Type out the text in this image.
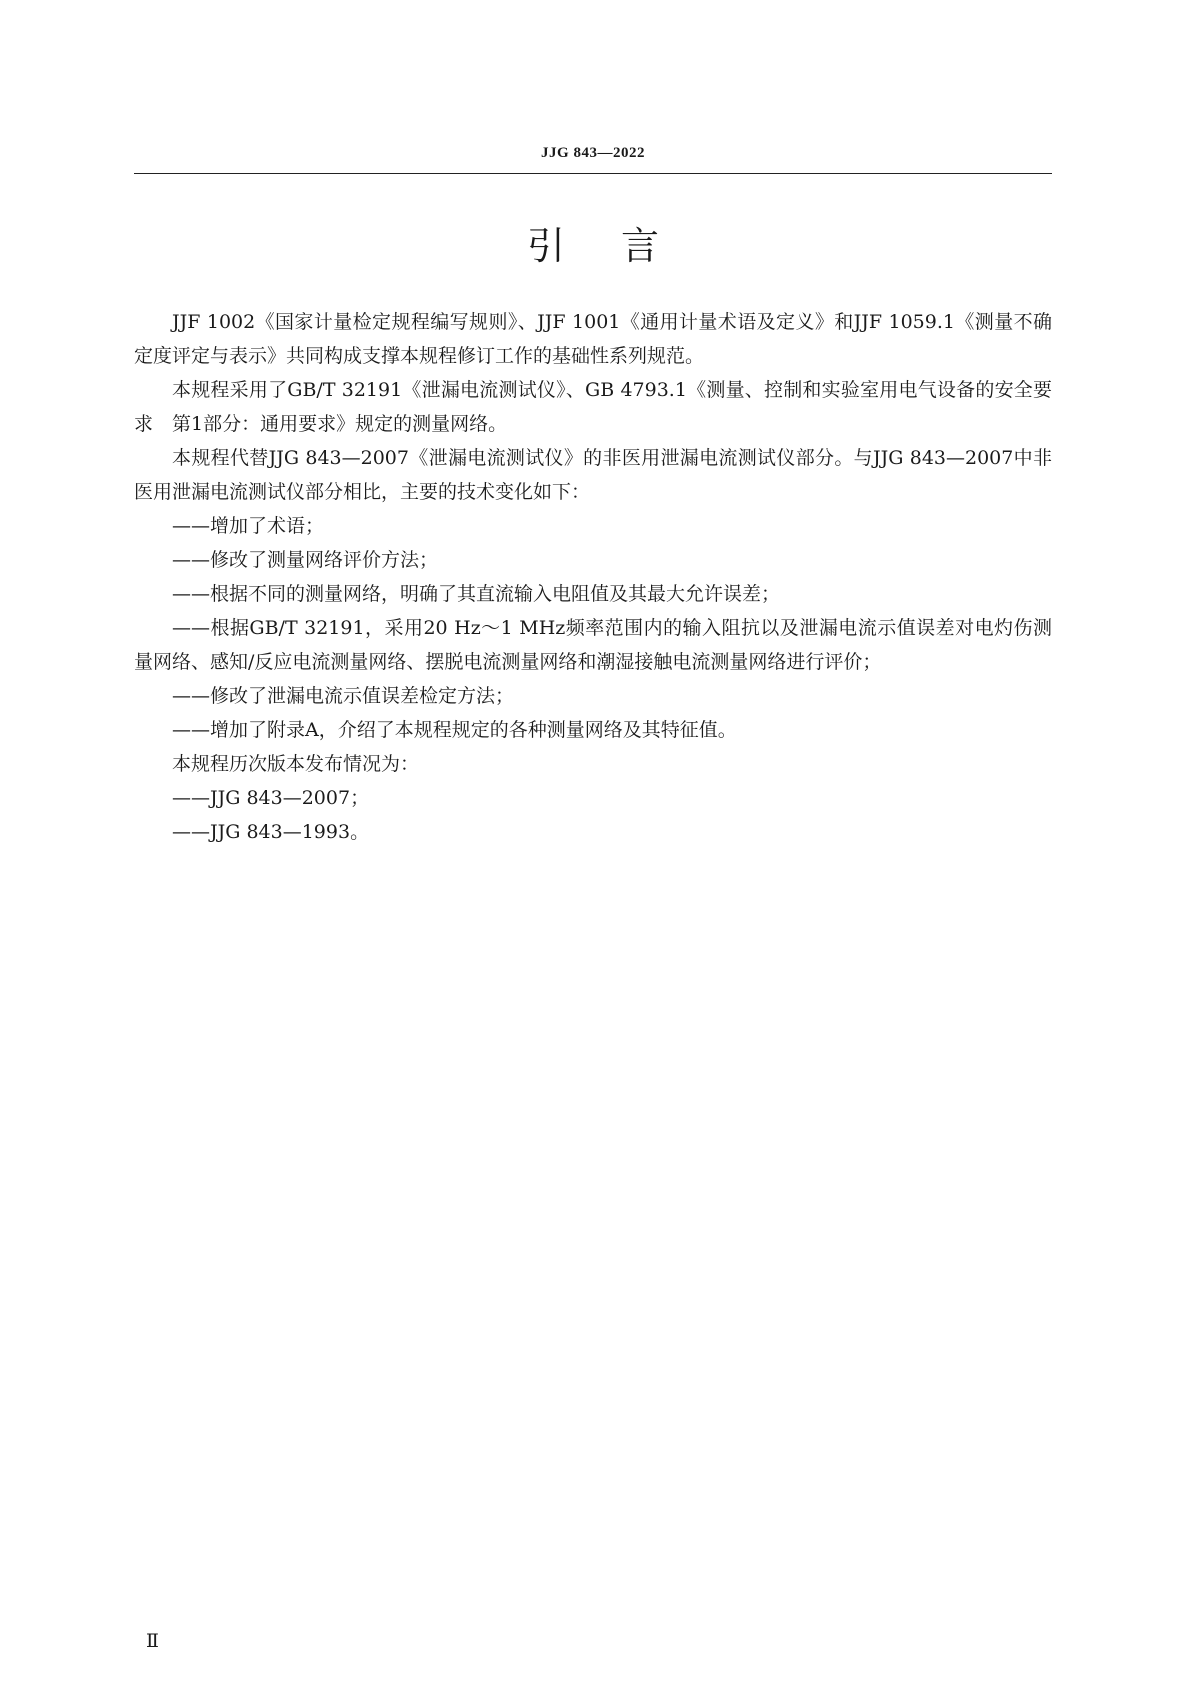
JJG 843—2022
引言

JJF 1002《国家计量检定规程编写规则》、JJF 1001《通用计量术语及定义》和JJF 1059.1《测量不确定度评定与表示》共同构成支撑本规程修订工作的基础性系列规范。

本规程采用了GB/T 32191《泄漏电流测试仪》、GB 4793.1《测量、控制和实验室用电气设备的安全要求　第1部分：通用要求》规定的测量网络。

本规程代替JJG 843—2007《泄漏电流测试仪》的非医用泄漏电流测试仪部分。与JJG 843—2007中非医用泄漏电流测试仪部分相比，主要的技术变化如下：

——增加了术语；

——修改了测量网络评价方法；

——根据不同的测量网络，明确了其直流输入电阻值及其最大允许误差；

——根据GB/T 32191，采用20 Hz～1 MHz频率范围内的输入阻抗以及泄漏电流示值误差对电灼伤测量网络、感知/反应电流测量网络、摆脱电流测量网络和潮湿接触电流测量网络进行评价；

——修改了泄漏电流示值误差检定方法；

——增加了附录A，介绍了本规程规定的各种测量网络及其特征值。

本规程历次版本发布情况为：

——JJG 843—2007；

——JJG 843—1993。

Ⅱ
